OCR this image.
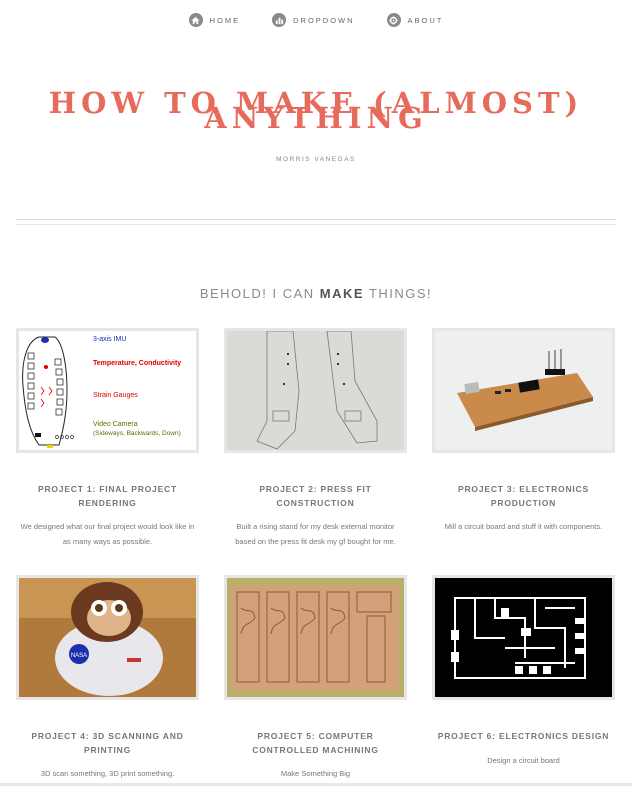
HOME	DROPDOWN	ABOUT
HOW TO MAKE (ALMOST) ANYTHING
MORRIS VANEGAS
BEHOLD! I CAN MAKE THINGS!
3-axis IMU
Temperature, Conductivity
Strain Gauges
Video Camera
(Sideways, Backwards, Down)
PROJECT 1: FINAL PROJECT RENDERING
We designed what our final project would look like in as many ways as possible.
PROJECT 2: PRESS FIT CONSTRUCTION
Built a rising stand for my desk external monitor based on the press fit desk my gf bought for me.
PROJECT 3: ELECTRONICS PRODUCTION
Mill a circuit board and stuff it with components.
NASA
PROJECT 4: 3D SCANNING AND PRINTING
3D scan something, 3D print something.
PROJECT 5: COMPUTER CONTROLLED MACHINING
Make Something Big
PROJECT 6: ELECTRONICS DESIGN
Design a circuit board
